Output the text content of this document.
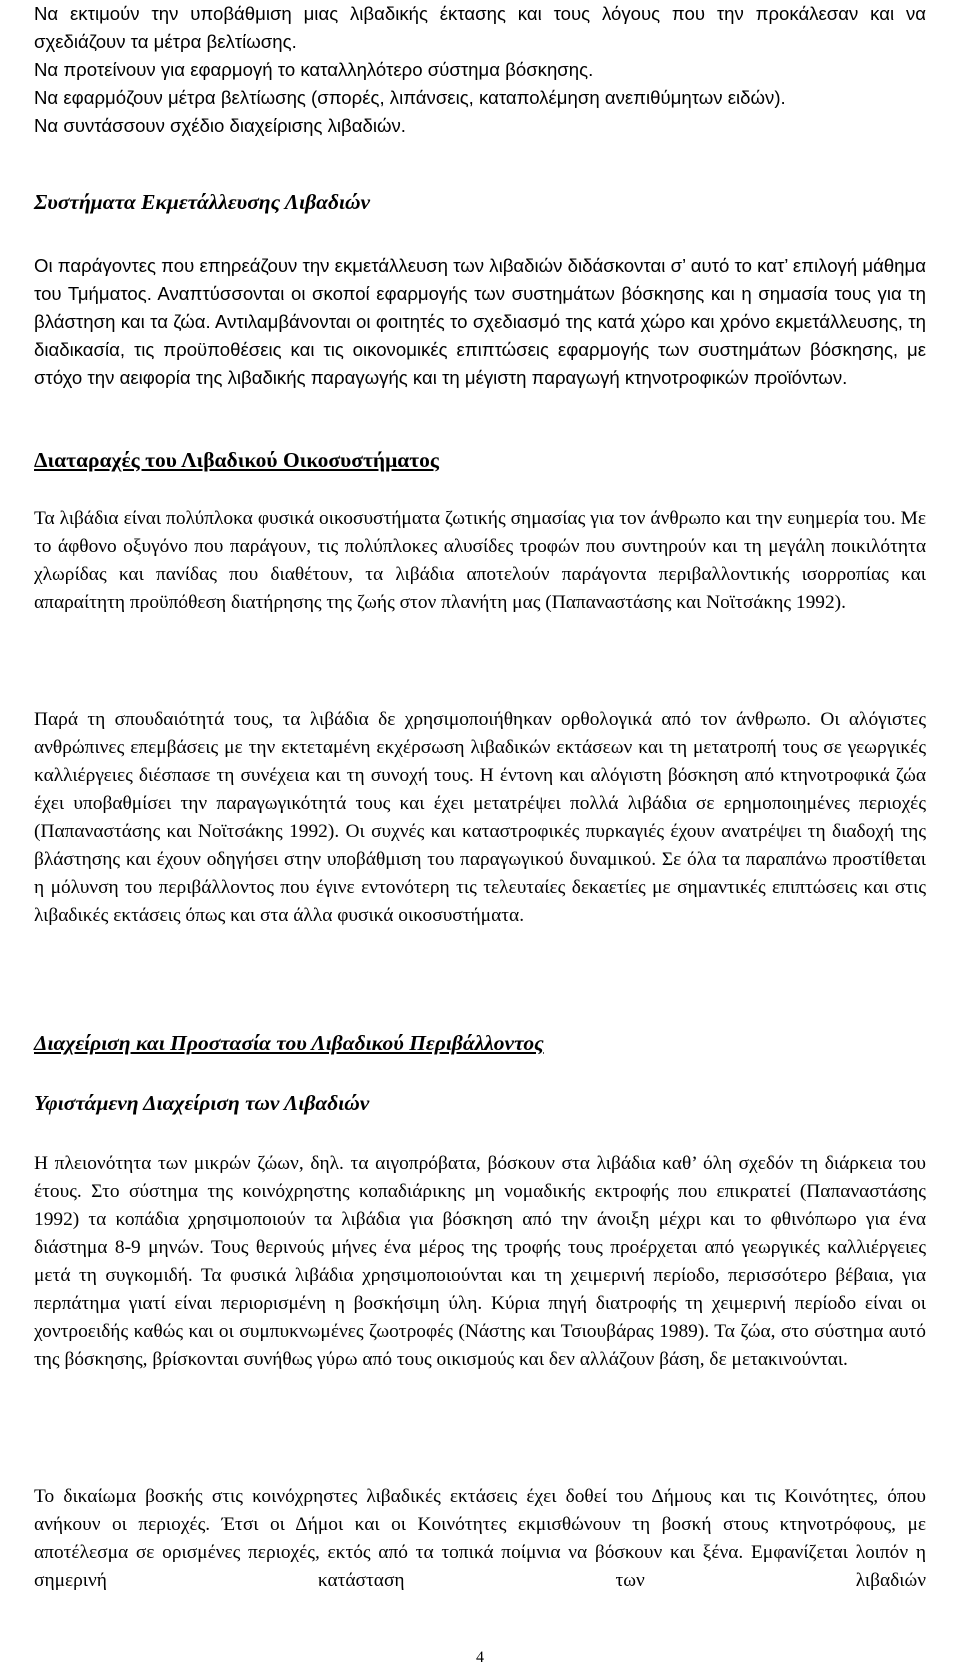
Να εκτιμούν την υποβάθμιση μιας λιβαδικής έκτασης και τους λόγους που την προκάλεσαν και να σχεδιάζουν τα μέτρα βελτίωσης.

Να προτείνουν για εφαρμογή το καταλληλότερο σύστημα βόσκησης.

Να εφαρμόζουν μέτρα βελτίωσης (σπορές, λιπάνσεις, καταπολέμηση ανεπιθύμητων ειδών).

Να συντάσσουν σχέδιο διαχείρισης λιβαδιών.

Συστήματα Εκμετάλλευσης Λιβαδιών

Οι παράγοντες που επηρεάζουν την εκμετάλλευση των λιβαδιών διδάσκονται σ’ αυτό το κατ’ επιλογή μάθημα του Τμήματος. Αναπτύσσονται οι σκοποί εφαρμογής των συστημάτων βόσκησης και η σημασία τους για τη βλάστηση και τα ζώα. Αντιλαμβάνονται οι φοιτητές το σχεδιασμό της κατά χώρο και χρόνο εκμετάλλευσης, τη διαδικασία, τις προϋποθέσεις και τις οικονομικές επιπτώσεις εφαρμογής των συστημάτων βόσκησης, με στόχο την αειφορία της λιβαδικής παραγωγής και τη μέγιστη παραγωγή κτηνοτροφικών προϊόντων.

Διαταραχές του Λιβαδικού Οικοσυστήματος

Τα λιβάδια είναι πολύπλοκα φυσικά οικοσυστήματα ζωτικής σημασίας για τον άνθρωπο και την ευημερία του. Με το άφθονο οξυγόνο που παράγουν, τις πολύπλοκες αλυσίδες τροφών που συντηρούν και τη μεγάλη ποικιλότητα χλωρίδας και πανίδας που διαθέτουν, τα λιβάδια αποτελούν παράγοντα περιβαλλοντικής ισορροπίας και απαραίτητη προϋπόθεση διατήρησης της ζωής στον πλανήτη μας (Παπαναστάσης και Νοϊτσάκης 1992).

Παρά τη σπουδαιότητά τους, τα λιβάδια δε χρησιμοποιήθηκαν ορθολογικά από τον άνθρωπο. Οι αλόγιστες ανθρώπινες επεμβάσεις με την εκτεταμένη εκχέρσωση λιβαδικών εκτάσεων και τη μετατροπή τους σε γεωργικές καλλιέργειες διέσπασε τη συνέχεια και τη συνοχή τους. Η έντονη και αλόγιστη βόσκηση από κτηνοτροφικά ζώα έχει υποβαθμίσει την παραγωγικότητά τους και έχει μετατρέψει πολλά λιβάδια σε ερημοποιημένες περιοχές (Παπαναστάσης και Νοϊτσάκης 1992). Οι συχνές και καταστροφικές πυρκαγιές έχουν ανατρέψει τη διαδοχή της βλάστησης και έχουν οδηγήσει στην υποβάθμιση του παραγωγικού δυναμικού. Σε όλα τα παραπάνω προστίθεται η μόλυνση του περιβάλλοντος που έγινε εντονότερη τις τελευταίες δεκαετίες με σημαντικές επιπτώσεις και στις λιβαδικές εκτάσεις όπως και στα άλλα φυσικά οικοσυστήματα.

Διαχείριση και Προστασία του Λιβαδικού Περιβάλλοντος
Υφιστάμενη Διαχείριση των Λιβαδιών

Η πλειονότητα των μικρών ζώων, δηλ. τα αιγοπρόβατα, βόσκουν στα λιβάδια καθ’ όλη σχεδόν τη διάρκεια του έτους. Στο σύστημα της κοινόχρηστης κοπαδιάρικης μη νομαδικής εκτροφής που επικρατεί (Παπαναστάσης 1992) τα κοπάδια χρησιμοποιούν τα λιβάδια για βόσκηση από την άνοιξη μέχρι και το φθινόπωρο για ένα διάστημα 8-9 μηνών. Τους θερινούς μήνες ένα μέρος της τροφής τους προέρχεται από γεωργικές καλλιέργειες μετά τη συγκομιδή. Τα φυσικά λιβάδια χρησιμοποιούνται και τη χειμερινή περίοδο, περισσότερο βέβαια, για περπάτημα γιατί είναι περιορισμένη η βοσκήσιμη ύλη. Κύρια πηγή διατροφής τη χειμερινή περίοδο είναι οι χοντροειδής καθώς και οι συμπυκνωμένες ζωοτροφές (Νάστης και Τσιουβάρας 1989). Τα ζώα, στο σύστημα αυτό της βόσκησης, βρίσκονται συνήθως γύρω από τους οικισμούς και δεν αλλάζουν βάση, δε μετακινούνται.

Το δικαίωμα βοσκής στις κοινόχρηστες λιβαδικές εκτάσεις έχει δοθεί του Δήμους και τις Κοινότητες, όπου ανήκουν οι περιοχές. Έτσι οι Δήμοι και οι Κοινότητες εκμισθώνουν τη βοσκή στους κτηνοτρόφους, με αποτέλεσμα σε ορισμένες περιοχές, εκτός από τα τοπικά ποίμνια να βόσκουν και ξένα. Εμφανίζεται λοιπόν η σημερινή κατάσταση των λιβαδιών

4
